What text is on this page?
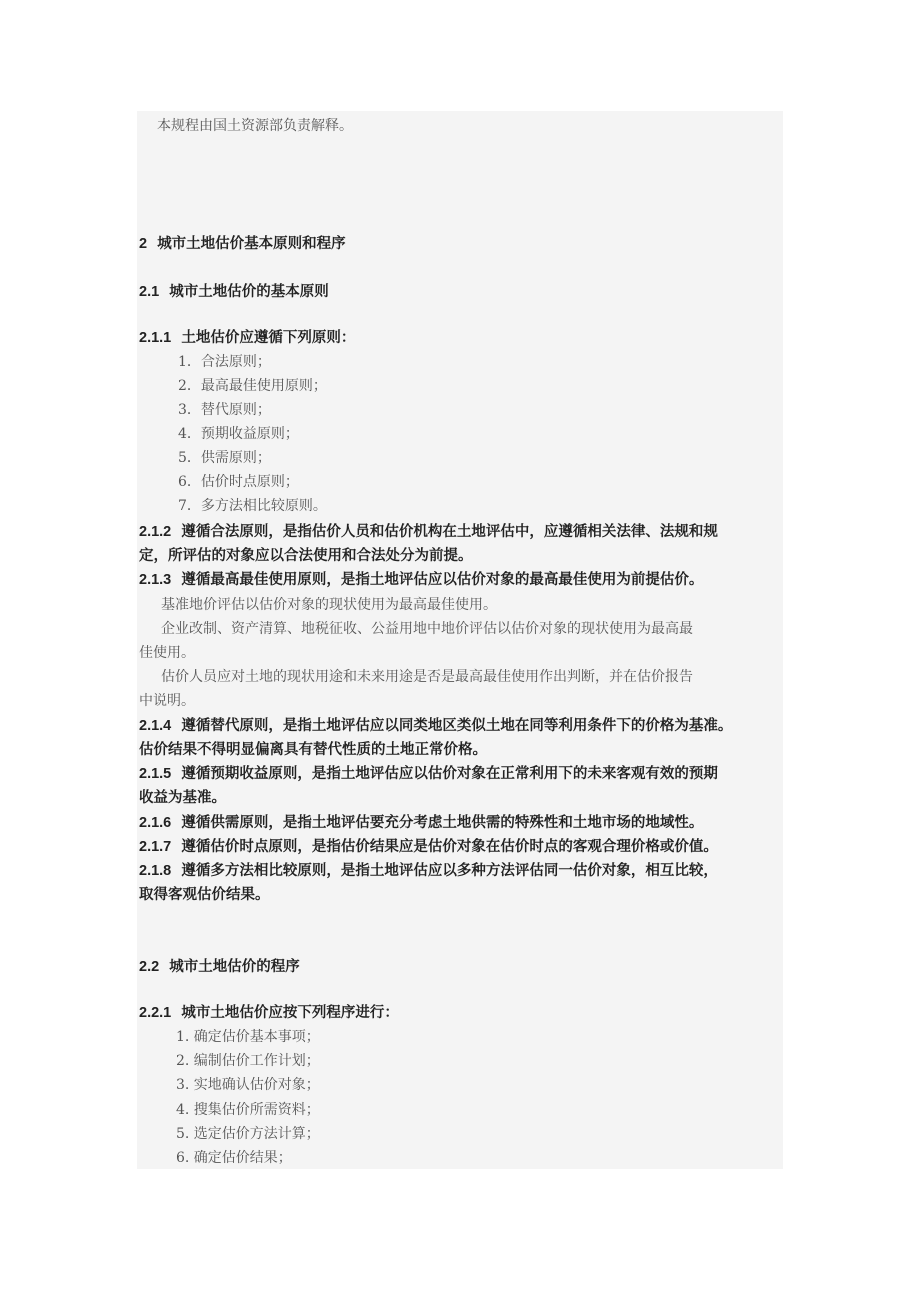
本规程由国土资源部负责解释。
2 城市土地估价基本原则和程序
2.1 城市土地估价的基本原则
2.1.1 土地估价应遵循下列原则：
1．合法原则；
2．最高最佳使用原则；
3．替代原则；
4．预期收益原则；
5．供需原则；
6．估价时点原则；
7．多方法相比较原则。
2.1.2 遵循合法原则，是指估价人员和估价机构在土地评估中，应遵循相关法律、法规和规
定，所评估的对象应以合法使用和合法处分为前提。
2.1.3 遵循最高最佳使用原则，是指土地评估应以估价对象的最高最佳使用为前提估价。
基准地价评估以估价对象的现状使用为最高最佳使用。
企业改制、资产清算、地税征收、公益用地中地价评估以估价对象的现状使用为最高最
佳使用。
估价人员应对土地的现状用途和未来用途是否是最高最佳使用作出判断，并在估价报告
中说明。
2.1.4 遵循替代原则，是指土地评估应以同类地区类似土地在同等利用条件下的价格为基准。
估价结果不得明显偏离具有替代性质的土地正常价格。
2.1.5 遵循预期收益原则，是指土地评估应以估价对象在正常利用下的未来客观有效的预期
收益为基准。
2.1.6 遵循供需原则，是指土地评估要充分考虑土地供需的特殊性和土地市场的地域性。
2.1.7 遵循估价时点原则，是指估价结果应是估价对象在估价时点的客观合理价格或价值。
2.1.8 遵循多方法相比较原则，是指土地评估应以多种方法评估同一估价对象，相互比较，
取得客观估价结果。
2.2 城市土地估价的程序
2.2.1 城市土地估价应按下列程序进行：
1. 确定估价基本事项；
2. 编制估价工作计划；
3. 实地确认估价对象；
4. 搜集估价所需资料；
5. 选定估价方法计算；
6. 确定估价结果；
